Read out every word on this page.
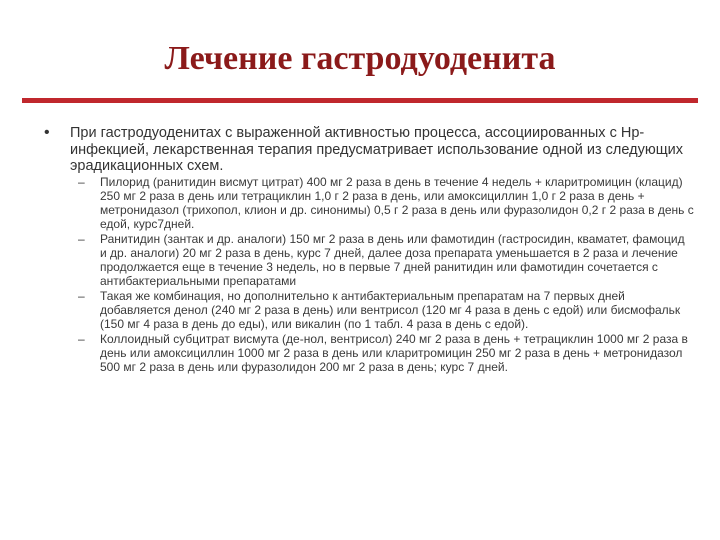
Лечение гастродуоденита
•	При гастродуоденитах с выраженной активностью процесса, ассоциированных с Hp-инфекцией, лекарственная терапия предусматривает использование одной из следующих эрадикационных схем.
–	Пилорид (ранитидин висмут цитрат) 400 мг 2 раза в день в течение 4 недель + кларитромицин (клацид) 250 мг 2 раза в день или тетрациклин 1,0 г 2 раза в день, или амоксициллин 1,0 г 2 раза в день + метронидазол (трихопол, клион и др. синонимы) 0,5 г 2 раза в день или фуразолидон 0,2 г 2 раза в день с едой, курс7дней.
–	Ранитидин (зантак и др. аналоги) 150 мг 2 раза в день или фамотидин (гастросидин, кваматет, фамоцид и др. аналоги) 20 мг 2 раза в день, курс 7 дней, далее доза препарата уменьшается в 2 раза и лечение продолжается еще в течение 3 недель, но в первые 7 дней ранитидин или фамотидин сочетается с антибактериальными препаратами
–	Такая же комбинация, но дополнительно к антибактериальным препаратам на 7 первых дней добавляется денол (240 мг 2 раза в день) или вентрисол (120 мг 4 раза в день с едой) или бисмофальк (150 мг 4 раза в день до еды), или викалин (по 1 табл. 4 раза в день с едой).
–	Коллоидный субцитрат висмута (де-нол, вентрисол) 240 мг 2 раза в день + тетрациклин 1000 мг 2 раза в день или амоксициллин 1000 мг 2 раза в день или кларитромицин 250 мг 2 раза в день + метронидазол 500 мг 2 раза в день или фуразолидон 200 мг 2 раза в день; курс 7 дней.
